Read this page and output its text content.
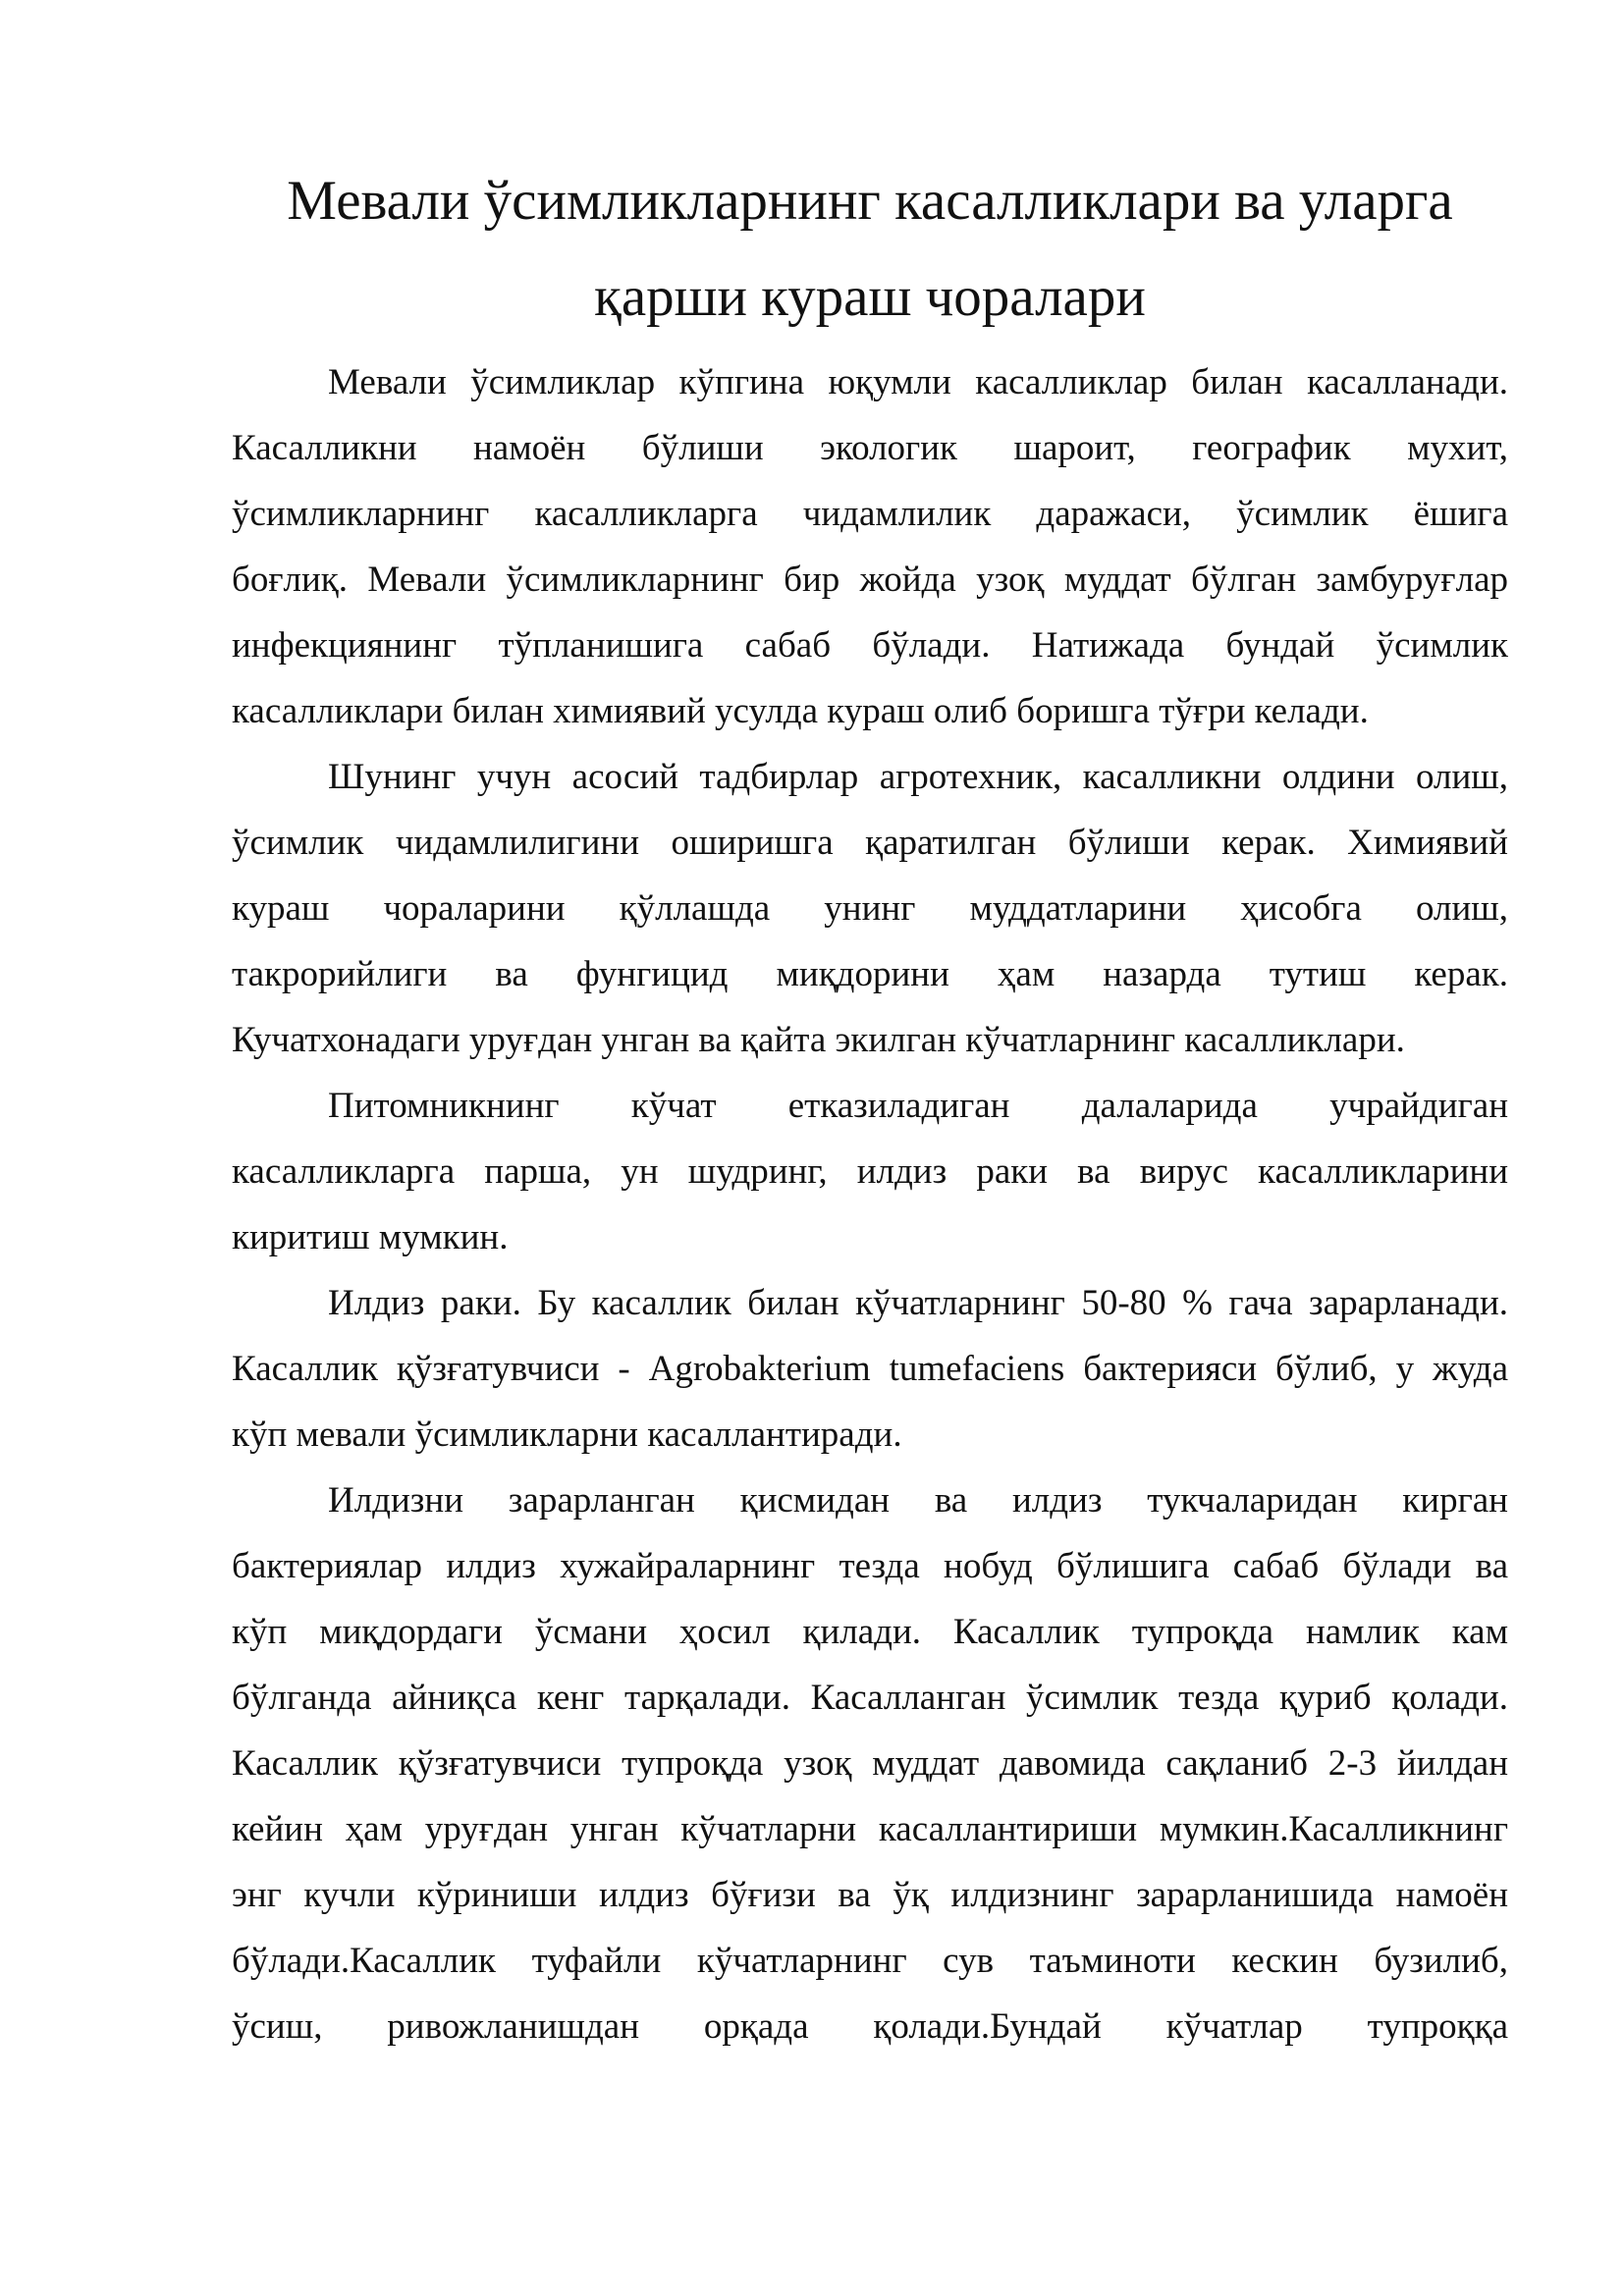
Мевали ўсимликларнинг касалликлари ва уларга
қарши кураш чоралари

Мевали ўсимликлар кўпгина юқумли касалликлар билан касалланади.
Касалликни намоён бўлиши экологик шароит, географик мухит,
ўсимликларнинг касалликларга чидамлилик даражаси, ўсимлик ёшига
боғлиқ. Мевали ўсимликларнинг бир жойда узоқ муддат бўлган замбуруғлар
инфекциянинг тўпланишига сабаб бўлади. Натижада бундай ўсимлик
касалликлари билан химиявий усулда кураш олиб боришга тўғри келади.

Шунинг учун асосий тадбирлар агротехник, касалликни олдини олиш,
ўсимлик чидамлилигини оширишга қаратилган бўлиши керак. Химиявий
кураш чораларини қўллашда унинг муддатларини ҳисобга олиш,
такрорийлиги ва фунгицид миқдорини ҳам назарда тутиш керак.
Кучатхонадаги уруғдан унган ва қайта экилган кўчатларнинг касалликлари.

Питомникнинг кўчат етказиладиган далаларида учрайдиган
касалликларга парша, ун шудринг, илдиз раки ва вирус касалликларини
киритиш мумкин.

Илдиз раки. Бу касаллик билан кўчатларнинг 50-80 % гача зарарланади.
Касаллик қўзғатувчиси - Agrobakterium tumefaciens бактерияси бўлиб, у жуда
кўп мевали ўсимликларни касаллантиради.

Илдизни зарарланган қисмидан ва илдиз тукчаларидан кирган
бактериялар илдиз хужайраларнинг тезда нобуд бўлишига сабаб бўлади ва
кўп миқдордаги ўсмани ҳосил қилади. Касаллик тупроқда намлик кам
бўлганда айниқса кенг тарқалади. Касалланган ўсимлик тезда қуриб қолади.
Касаллик қўзғатувчиси тупроқда узоқ муддат давомида сақланиб 2-3 йилдан
кейин ҳам уруғдан унган кўчатларни касаллантириши мумкин.Касалликнинг
энг кучли кўриниши илдиз бўғизи ва ўқ илдизнинг зарарланишида намоён
бўлади.Касаллик туфайли кўчатларнинг сув таъминоти кескин бузилиб,
ўсиш, ривожланишдан орқада қолади.Бундай кўчатлар тупроққа
